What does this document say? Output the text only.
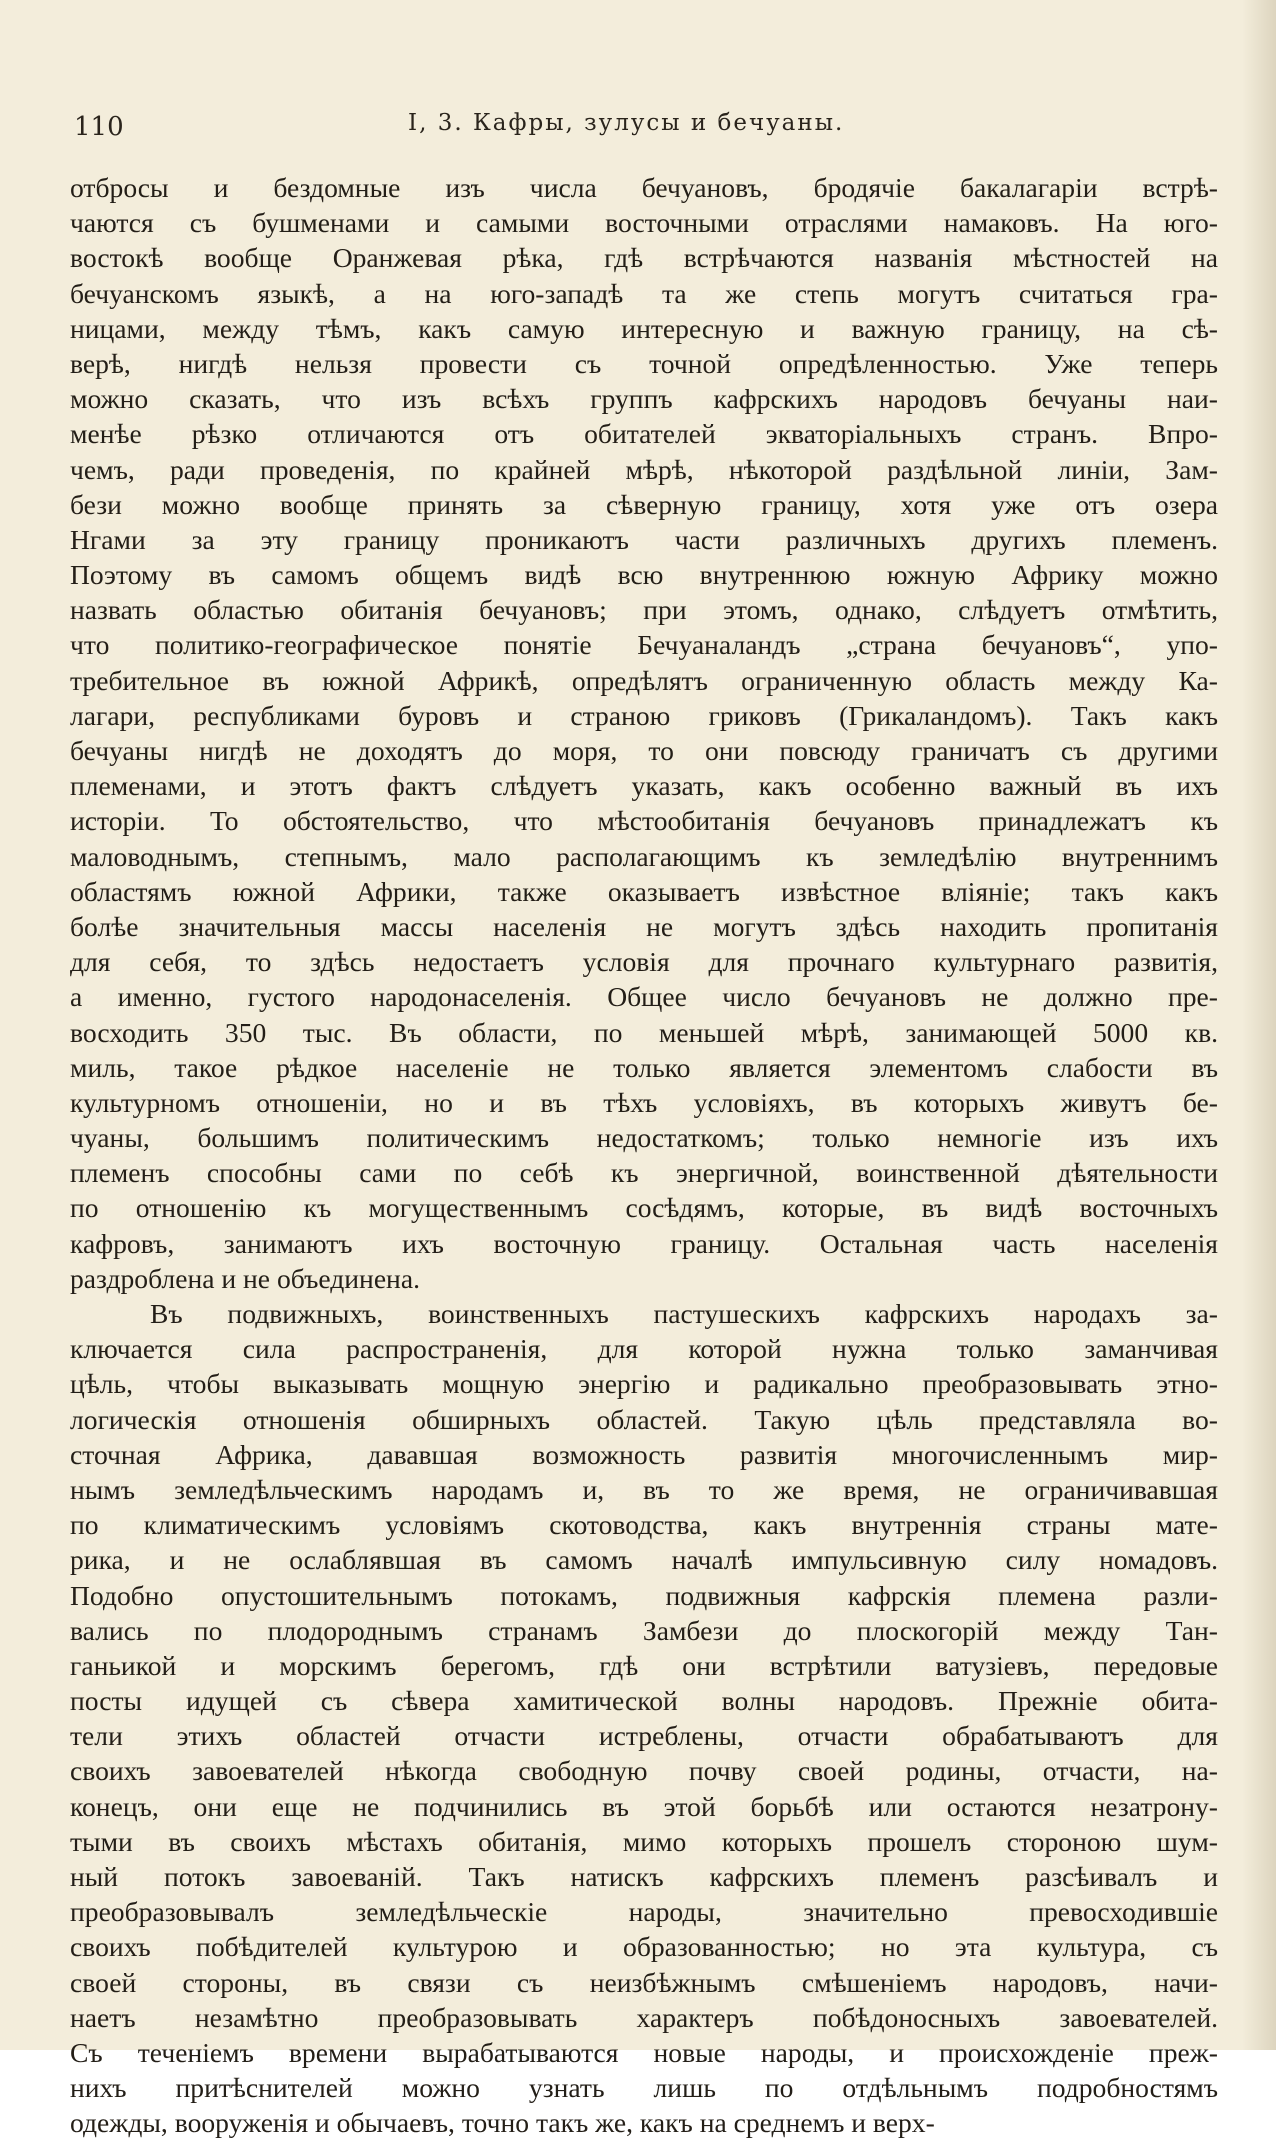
110	I, 3. Кафры, зулусы и бечуаны.
отбросы и бездомные изъ числа бечуановъ, бродячіе бакалагаріи встрѣ-
чаются съ бушменами и самыми восточными отраслями намаковъ. На юго-
востокѣ вообще Оранжевая рѣка, гдѣ встрѣчаются названія мѣстностей на
бечуанскомъ языкѣ, а на юго-западѣ та же степь могутъ считаться гра-
ницами, между тѣмъ, какъ самую интересную и важную границу, на сѣ-
верѣ, нигдѣ нельзя провести съ точной опредѣленностью. Уже теперь
можно сказать, что изъ всѣхъ группъ кафрскихъ народовъ бечуаны наи-
менѣе рѣзко отличаются отъ обитателей экваторіальныхъ странъ. Впро-
чемъ, ради проведенія, по крайней мѣрѣ, нѣкоторой раздѣльной линіи, Зам-
бези можно вообще принять за сѣверную границу, хотя уже отъ озера
Нгами за эту границу проникаютъ части различныхъ другихъ племенъ.
Поэтому въ самомъ общемъ видѣ всю внутреннюю южную Африку можно
назвать областью обитанія бечуановъ; при этомъ, однако, слѣдуетъ отмѣтить,
что политико-географическое понятіе Бечуаналандъ „страна бечуановъ“, упо-
требительное въ южной Африкѣ, опредѣлятъ ограниченную область между Ка-
лагари, республиками буровъ и страною гриковъ (Грикаландомъ). Такъ какъ
бечуаны нигдѣ не доходятъ до моря, то они повсюду граничатъ съ другими
племенами, и этотъ фактъ слѣдуетъ указать, какъ особенно важный въ ихъ
исторіи. То обстоятельство, что мѣстообитанія бечуановъ принадлежатъ къ
маловоднымъ, степнымъ, мало располагающимъ къ земледѣлію внутреннимъ
областямъ южной Африки, также оказываетъ извѣстное вліяніе; такъ какъ
болѣе значительныя массы населенія не могутъ здѣсь находить пропитанія
для себя, то здѣсь недостаетъ условія для прочнаго культурнаго развитія,
а именно, густого народонаселенія. Общее число бечуановъ не должно пре-
восходить 350 тыс. Въ области, по меньшей мѣрѣ, занимающей 5000 кв.
миль, такое рѣдкое населеніе не только является элементомъ слабости въ
культурномъ отношеніи, но и въ тѣхъ условіяхъ, въ которыхъ живутъ бе-
чуаны, большимъ политическимъ недостаткомъ; только немногіе изъ ихъ
племенъ способны сами по себѣ къ энергичной, воинственной дѣятельности
по отношенію къ могущественнымъ сосѣдямъ, которые, въ видѣ восточныхъ
кафровъ, занимаютъ ихъ восточную границу. Остальная часть населенія
раздроблена и не объединена.
Въ подвижныхъ, воинственныхъ пастушескихъ кафрскихъ народахъ за-
ключается сила распространенія, для которой нужна только заманчивая
цѣль, чтобы выказывать мощную энергію и радикально преобразовывать этно-
логическія отношенія обширныхъ областей. Такую цѣль представляла во-
сточная Африка, дававшая возможность развитія многочисленнымъ мир-
нымъ земледѣльческимъ народамъ и, въ то же время, не ограничивавшая
по климатическимъ условіямъ скотоводства, какъ внутреннія страны мате-
рика, и не ослаблявшая въ самомъ началѣ импульсивную силу номадовъ.
Подобно опустошительнымъ потокамъ, подвижныя кафрскія племена разли-
вались по плодороднымъ странамъ Замбези до плоскогорій между Тан-
ганьикой и морскимъ берегомъ, гдѣ они встрѣтили ватузіевъ, передовые
посты идущей съ сѣвера хамитической волны народовъ. Прежніе обита-
тели этихъ областей отчасти истреблены, отчасти обрабатываютъ для
своихъ завоевателей нѣкогда свободную почву своей родины, отчасти, на-
конецъ, они еще не подчинились въ этой борьбѣ или остаются незатрону-
тыми въ своихъ мѣстахъ обитанія, мимо которыхъ прошелъ стороною шум-
ный потокъ завоеваній. Такъ натискъ кафрскихъ племенъ разсѣивалъ и
преобразовывалъ земледѣльческіе народы, значительно превосходившіе
своихъ побѣдителей культурою и образованностью; но эта культура, съ
своей стороны, въ связи съ неизбѣжнымъ смѣшеніемъ народовъ, начи-
наетъ незамѣтно преобразовывать характеръ побѣдоносныхъ завоевателей.
Съ теченіемъ времени вырабатываются новые народы, и происхожденіе преж-
нихъ притѣснителей можно узнать лишь по отдѣльнымъ подробностямъ
одежды, вооруженія и обычаевъ, точно такъ же, какъ на среднемъ и верх-
